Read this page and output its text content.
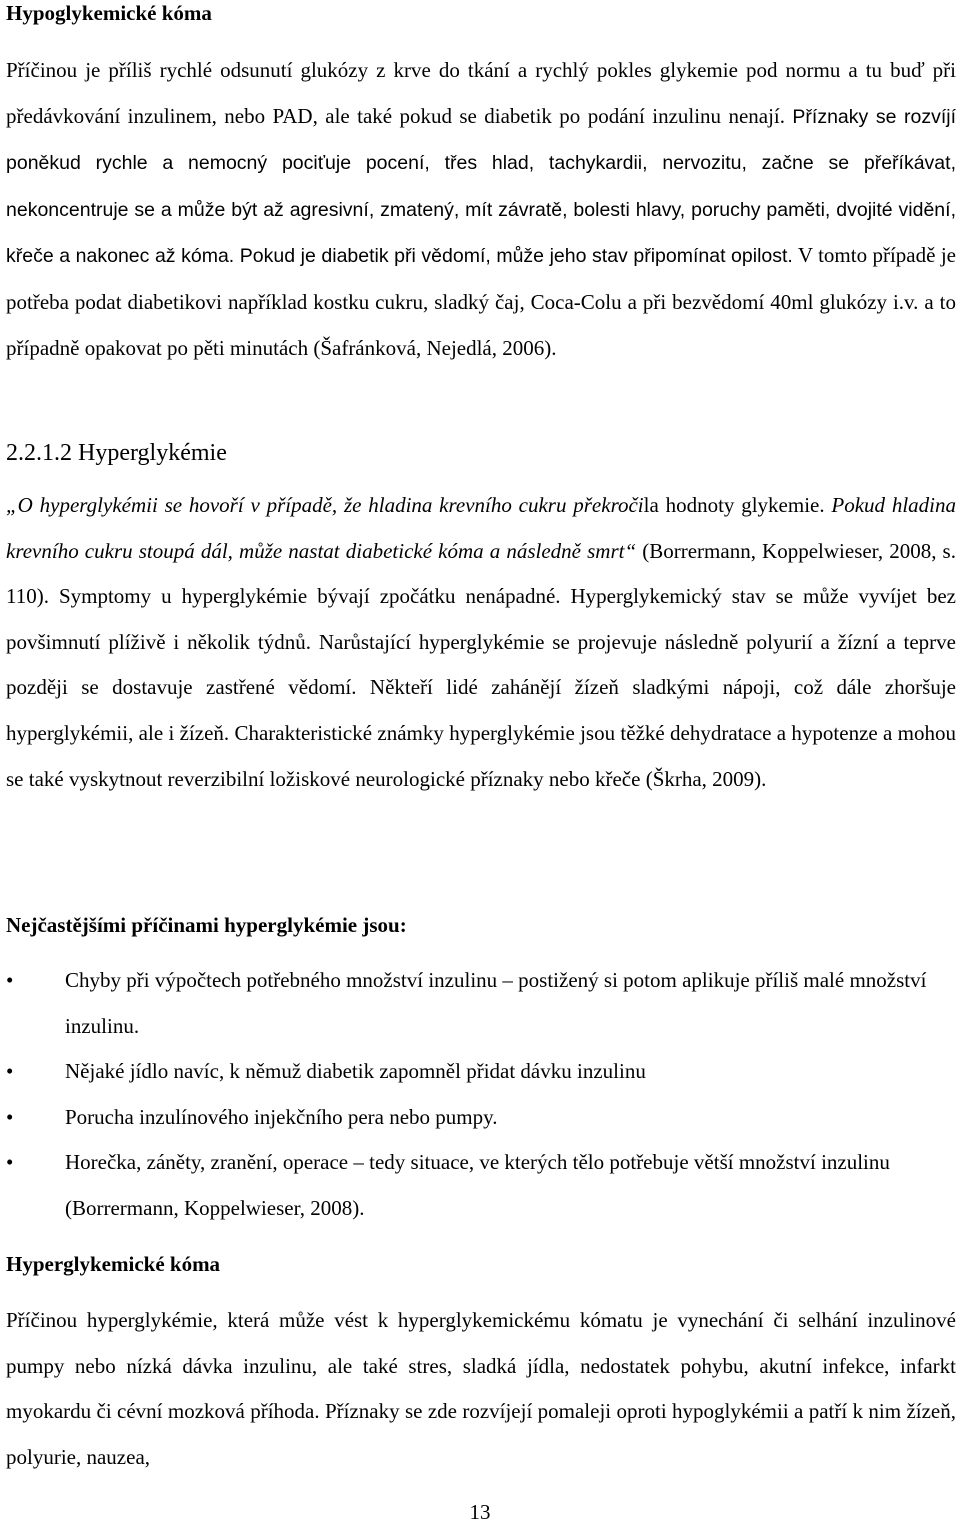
Hypoglykemické kóma

Příčinou je příliš rychlé odsunutí glukózy z krve do tkání a rychlý pokles glykemie pod normu a tu buď při předávkování inzulinem, nebo PAD, ale také pokud se diabetik po podání inzulinu nenají. Příznaky se rozvíjí poněkud rychle a nemocný pociťuje pocení, třes hlad, tachykardii, nervozitu, začne se přeříkávat, nekoncentruje se a může být až agresivní, zmatený, mít závratě, bolesti hlavy, poruchy paměti, dvojité vidění, křeče a nakonec až kóma. Pokud je diabetik při vědomí, může jeho stav připomínat opilost. V tomto případě je potřeba podat diabetikovi například kostku cukru, sladký čaj, Coca-Colu a při bezvědomí 40ml glukózy i.v. a to případně opakovat po pěti minutách (Šafránková, Nejedlá, 2006).

2.2.1.2 Hyperglykémie

„O hyperglykémii se hovoří v případě, že hladina krevního cukru překročila hodnoty glykemie. Pokud hladina krevního cukru stoupá dál, může nastat diabetické kóma a následně smrt“ (Borrermann, Koppelwieser, 2008, s. 110). Symptomy u hyperglykémie bývají zpočátku nenápadné. Hyperglykemický stav se může vyvíjet bez povšimnutí plíživě i několik týdnů. Narůstající hyperglykémie se projevuje následně polyurií a žízní a teprve později se dostavuje zastřené vědomí. Někteří lidé zahánějí žízeň sladkými nápoji, což dále zhoršuje hyperglykémii, ale i žízeň. Charakteristické známky hyperglykémie jsou těžké dehydratace a hypotenze a mohou se také vyskytnout reverzibilní ložiskové neurologické příznaky nebo křeče (Škrha, 2009).

Nejčastějšími příčinami hyperglykémie jsou:
•	Chyby při výpočtech potřebného množství inzulinu – postižený si potom aplikuje příliš malé množství inzulinu.
•	Nějaké jídlo navíc, k němuž diabetik zapomněl přidat dávku inzulinu
•	Porucha inzulínového injekčního pera nebo pumpy.
•	Horečka, záněty, zranění, operace – tedy situace, ve kterých tělo potřebuje větší množství inzulinu (Borrermann, Koppelwieser, 2008).
Hyperglykemické kóma

Příčinou hyperglykémie, která může vést k hyperglykemickému kómatu je vynechání či selhání inzulinové pumpy nebo nízká dávka inzulinu, ale také stres, sladká jídla, nedostatek pohybu, akutní infekce, infarkt myokardu či cévní mozková příhoda. Příznaky se zde rozvíjejí pomaleji oproti hypoglykémii a patří k nim žízeň, polyurie, nauzea,

13
